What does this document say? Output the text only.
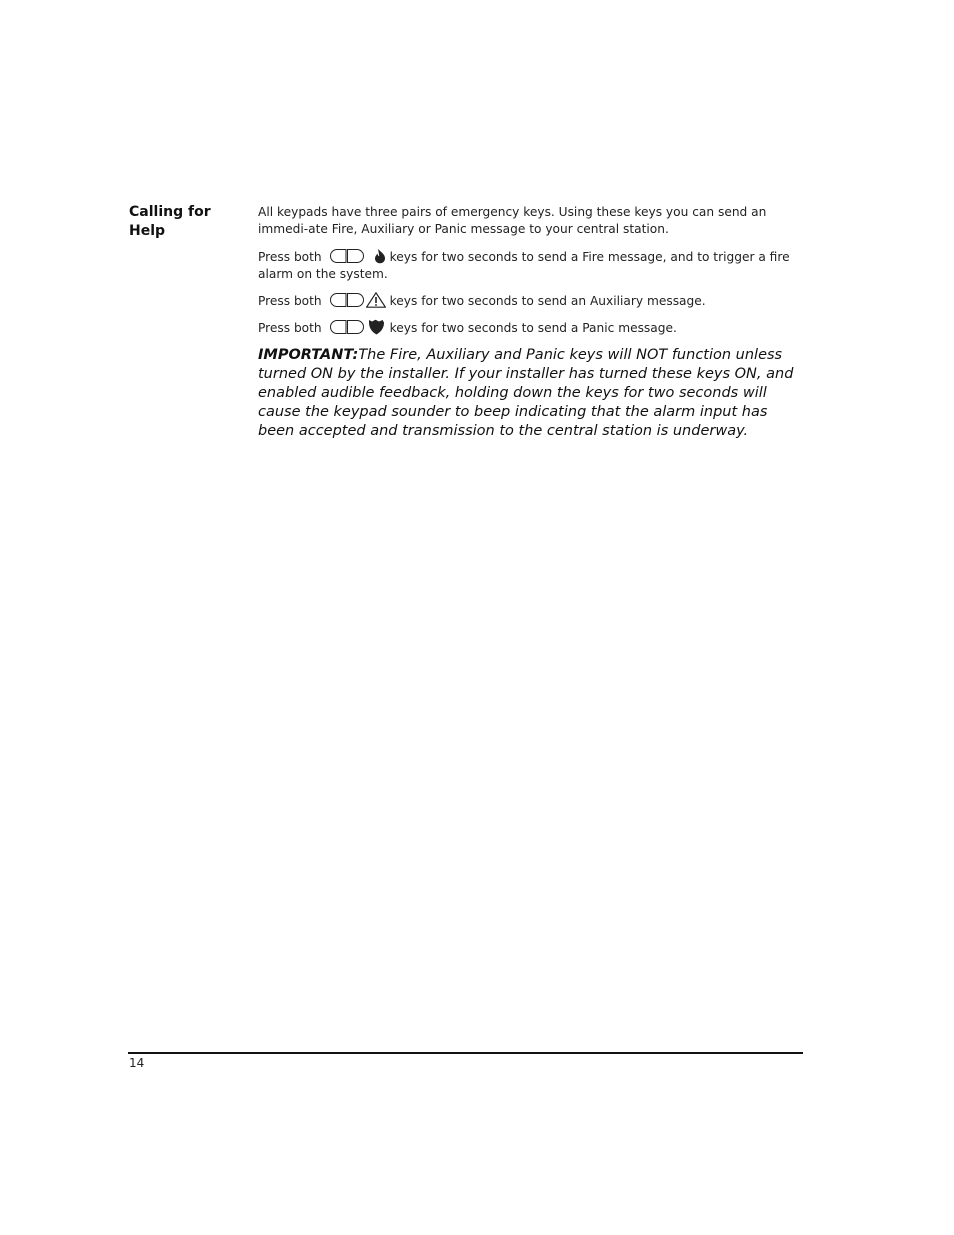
Calling for Help

All keypads have three pairs of emergency keys. Using these keys you can send an immedi-ate Fire, Auxiliary or Panic message to your central station.

Press both	keys for two seconds to send a Fire message, and to trigger a fire alarm on the system.

Press both	keys for two seconds to send an Auxiliary message.

Press both	keys for two seconds to send a Panic message.

IMPORTANT:The Fire, Auxiliary and Panic keys will NOT function unless turned ON by the installer. If your installer has turned these keys ON, and enabled audible feedback, holding down the keys for two seconds will cause the keypad sounder to beep indicating that the alarm input has been accepted and transmission to the central station is underway.

14
